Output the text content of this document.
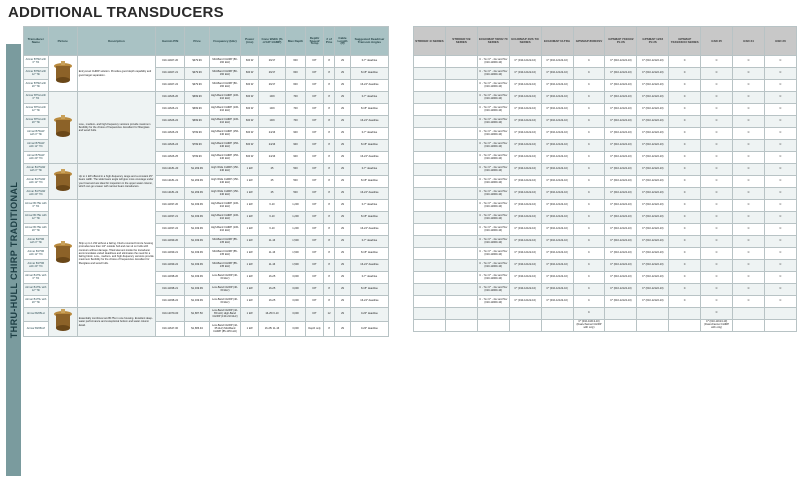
ADDITIONAL TRANSDUCERS
THRU-HULL CHIRP TRADITIONAL
Transducer Name	Picture	Description	Garmin P/N	Price	Frequency (kHz)	Power (rms)	Cone Width (% of HP 1/AMP)	Max Depth	Depth/ Speed/ Temp	# of Pins	Cable Length (ft)	Suggested Deadrise/ Transom Angles
Airmar B75M with 0° Tilt		Entry-level CHIRP solution. Provides good depth capability and good target separation.	010-11927-20	$379.99	Mid-Band CHIRP (80-160 kHz)	600 W	26/17	600	D/T	8	29	0-7° deadrise
Airmar B75M with 12° Tilt			010-11927-21	$379.99	Mid-Band CHIRP (80-160 kHz)	600 W	26/17	600	D/T	8	29	8-15° deadrise
Airmar B75M with 20° Tilt			010-11927-22	$379.99	Mid-Band CHIRP (80-160 kHz)	600 W	26/17	600	D/T	8	29	16-24° deadrise
Airmar B75H with 0° Tilt		Low-, medium- and high-frequency versions provide maximum flexibility for the choice of frequencies. Excellent for fiberglass and wood hulls.	010-11626-20	$699.99	High-Band CHIRP (130-210 kHz)	600 W	10/9	700	D/T	8	29	0-7° deadrise
Airmar B75H with 12° Tilt			010-11626-21	$699.99	High-Band CHIRP (130-210 kHz)	600 W	10/9	700	D/T	8	29	8-15° deadrise
Airmar B75H with 20° Tilt			010-11626-22	$699.99	High-Band CHIRP (130-210 kHz)	600 W	10/9	700	D/T	8	29	16-24° deadrise
Airmar B75HW with 0° Tilt			010-11626-23	$799.99	High-Band CHIRP (150-240 kHz)	600 W	24/16	900	D/T	8	29	0-7° deadrise
Airmar B75HW with 12° Tilt			010-11626-24	$799.99	High-Band CHIRP (150-240 kHz)	600 W	24/16	900	D/T	8	29	8-15° deadrise
Airmar B75HW with 20° Tilt			010-11626-25	$799.99	High-Band CHIRP (150-240 kHz)	600 W	24/16	900	D/T	8	29	16-24° deadrise
Airmar B175HW with 0° Tilt		Up to 1 kW offered in a high-frequency range and a constant 25° beam width. The wide beam angle will give more coverage under your boat and are ideal for inspection in the upper water column, which can go unseen with narrow beam transducers.	010-12181-20	$1,299.99	High Wide CHIRP (150-240 kHz)	1 kW	25	500	D/T	8	29	0-7° deadrise
Airmar B175HW with 12° Tilt			010-12181-21	$1,299.99	High Wide CHIRP (150-240 kHz)	1 kW	25	500	D/T	8	29	8-15° deadrise
Airmar B175HW with 20° Tilt			010-12181-22	$1,299.99	High Wide CHIRP (150-240 kHz)	1 kW	25	500	D/T	8	29	16-24° deadrise
Airmar B175H with 0° Tilt		Ship up to 1 kW without a fairing. Flush-mounted bronze housing protrudes less than 1/4″ outside hull and can sit on hulls with contours without damage. Tilted element inside the transducer accommodates varied deadrises and eliminates the need for a fairing block. Low-, medium- and high-frequency versions provide maximum flexibility for the choice of frequencies. Excellent for fiberglass and wood hulls.	010-11937-20	$1,049.99	High-Band CHIRP (130-210 kHz)	1 kW	6-10	1,200	D/T	8	29	0-7° deadrise
Airmar B175H with 12° Tilt			010-11937-21	$1,049.99	High-Band CHIRP (130-210 kHz)	1 kW	6-10	1,200	D/T	8	29	8-15° deadrise
Airmar B175H with 20° Tilt			010-11937-22	$1,049.99	High-Band CHIRP (130-210 kHz)	1 kW	6-10	1,200	D/T	8	29	16-24° deadrise
Airmar B175M with 0° Tilt			010-11939-20	$1,049.99	Mid-Band CHIRP (85-135 kHz)	1 kW	11-16	1,500	D/T	8	29	0-7° deadrise
Airmar B175M with 12° Tilt			010-11939-21	$1,049.99	Mid-Band CHIRP (85-135 kHz)	1 kW	11-16	1,500	D/T	8	29	8-15° deadrise
Airmar B175M with 20° Tilt			010-11939-22	$1,049.99	Mid-Band CHIRP (85-135 kHz)	1 kW	11-16	1,500	D/T	8	29	16-24° deadrise
Airmar B175L with 0° Tilt			010-11938-20	$1,049.99	Low-Band CHIRP (40-60 kHz)	1 kW	16-25	3,000	D/T	8	29	0-7° deadrise
Airmar B175L with 12° Tilt			010-11938-21	$1,049.99	Low-Band CHIRP (40-60 kHz)	1 kW	16-25	3,000	D/T	8	29	8-15° deadrise
Airmar B175L with 20° Tilt			010-11938-22	$1,049.99	Low-Band CHIRP (40-60 kHz)	1 kW	16-25	3,000	D/T	8	29	16-24° deadrise
Airmar B265LH		Essentially combines two B175s in one housing. Excellent deep-water performance and exceptional bottom and water column detail.	010-12079-00	$1,687.50	Low-Band CHIRP (42-65 kHz) High-Band CHIRP (130-210 kHz)	1 kW	16-25/ 6-10	3,000	D/T	12	29	0-20° deadrise
Airmar B265LM			010-11647-00	$1,686.94	Low-Band CHIRP (42-65 kHz) Mid-Band CHIRP (85-135 kHz)	1 kW	16-25/ 11-16	3,000	Depth only	8	29	0-20° deadrise
STRIKER 4/ SERIES	STRIKER 5/9 SERIES	ECHOMAP 50/60/ 70 SERIES	ECHOMAP 40/S 7X/ SERIES	ECHOMAP ULTRA	GPSMAP 8600XSV	GPSMAP 7X2/9X2 PLUS	GPSMAP 12X2 PLUS	GPSMAP 7X3/9X3/X3 SERIES	GSD 25	GSD 24	GSD 26
		C - 7xv C* - 4xv and 5xv (010-11900-10)	C* (010-12122-10)	C* (010-12122-10)	C	C* (010-12122-10)	C* (010-12122-10)	C	C	C	C
		C - 7xv C* - 4xv and 5xv (010-11900-10)	C* (010-12122-10)	C* (010-12122-10)	C	C* (010-12122-10)	C* (010-12122-10)	C	C	C	C
		C - 7xv C* - 4xv and 5xv (010-11900-10)	C* (010-12122-10)	C* (010-12122-10)	C	C* (010-12122-10)	C* (010-12122-10)	C	C	C	C
		C - 7xv C* - 4xv and 5xv (010-11900-10)	C* (010-12122-10)	C* (010-12122-10)	C	C* (010-12122-10)	C* (010-12122-10)	C	C	C	C
		C - 7xv C* - 4xv and 5xv (010-11900-10)	C* (010-12122-10)	C* (010-12122-10)	C	C* (010-12122-10)	C* (010-12122-10)	C	C	C	C
		C - 7xv C* - 4xv and 5xv (010-11900-10)	C* (010-12122-10)	C* (010-12122-10)	C	C* (010-12122-10)	C* (010-12122-10)	C	C	C	C
		C - 7xv C* - 4xv and 5xv (010-11900-10)	C* (010-12122-10)	C* (010-12122-10)	C	C* (010-12122-10)	C* (010-12122-10)	C	C	C	C
		C - 7xv C* - 4xv and 5xv (010-11900-10)	C* (010-12122-10)	C* (010-12122-10)	C	C* (010-12122-10)	C* (010-12122-10)	C	C	C	C
		C - 7xv C* - 4xv and 5xv (010-11900-10)	C* (010-12122-10)	C* (010-12122-10)	C	C* (010-12122-10)	C* (010-12122-10)	C	C	C	C
		C - 7xv C* - 4xv and 5xv (010-11900-10)	C* (010-12122-10)	C* (010-12122-10)	C	C* (010-12122-10)	C* (010-12122-10)	C	C	C	C
		C - 7xv C* - 4xv and 5xv (010-11900-10)	C* (010-12122-10)	C* (010-12122-10)	C	C* (010-12122-10)	C* (010-12122-10)	C	C	C	C
		C - 7xv C* - 4xv and 5xv (010-11900-10)	C* (010-12122-10)	C* (010-12122-10)	C	C* (010-12122-10)	C* (010-12122-10)	C	C	C	C
		C - 7xv C* - 4xv and 5xv (010-11900-10)	C* (010-12122-10)	C* (010-12122-10)	C	C* (010-12122-10)	C* (010-12122-10)	C	C	C	C
		C - 7xv C* - 4xv and 5xv (010-11900-10)	C* (010-12122-10)	C* (010-12122-10)	C	C* (010-12122-10)	C* (010-12122-10)	C	C	C	C
		C - 7xv C* - 4xv and 5xv (010-11900-10)	C* (010-12122-10)	C* (010-12122-10)	C	C* (010-12122-10)	C* (010-12122-10)	C	C	C	C
		C - 7xv C* - 4xv and 5xv (010-11900-10)	C* (010-12122-10)	C* (010-12122-10)	C	C* (010-12122-10)	C* (010-12122-10)	C	C	C	C
		C - 7xv C* - 4xv and 5xv (010-11900-10)	C* (010-12122-10)	C* (010-12122-10)	C	C* (010-12122-10)	C* (010-12122-10)	C	C	C	C
		C - 7xv C* - 4xv and 5xv (010-11900-10)	C* (010-12122-10)	C* (010-12122-10)	C	C* (010-12122-10)	C* (010-12122-10)	C	C	C	C
		C - 7xv C* - 4xv and 5xv (010-11900-10)	C* (010-12122-10)	C* (010-12122-10)	C	C* (010-12122-10)	C* (010-12122-10)	C	C	C	C
		C - 7xv C* - 4xv and 5xv (010-11900-10)	C* (010-12122-10)	C* (010-12122-10)	C	C* (010-12122-10)	C* (010-12122-10)	C	C	C	C
		C - 7xv C* - 4xv and 5xv (010-11900-10)	C* (010-12122-10)	C* (010-12122-10)	C	C* (010-12122-10)	C* (010-12122-10)	C	C	C	C
					C				C		
					C* (010-11613-10) (Dual-channel CHIRP with only)				C* (010-11613-10) (Dual-channel CHIRP with only)		
